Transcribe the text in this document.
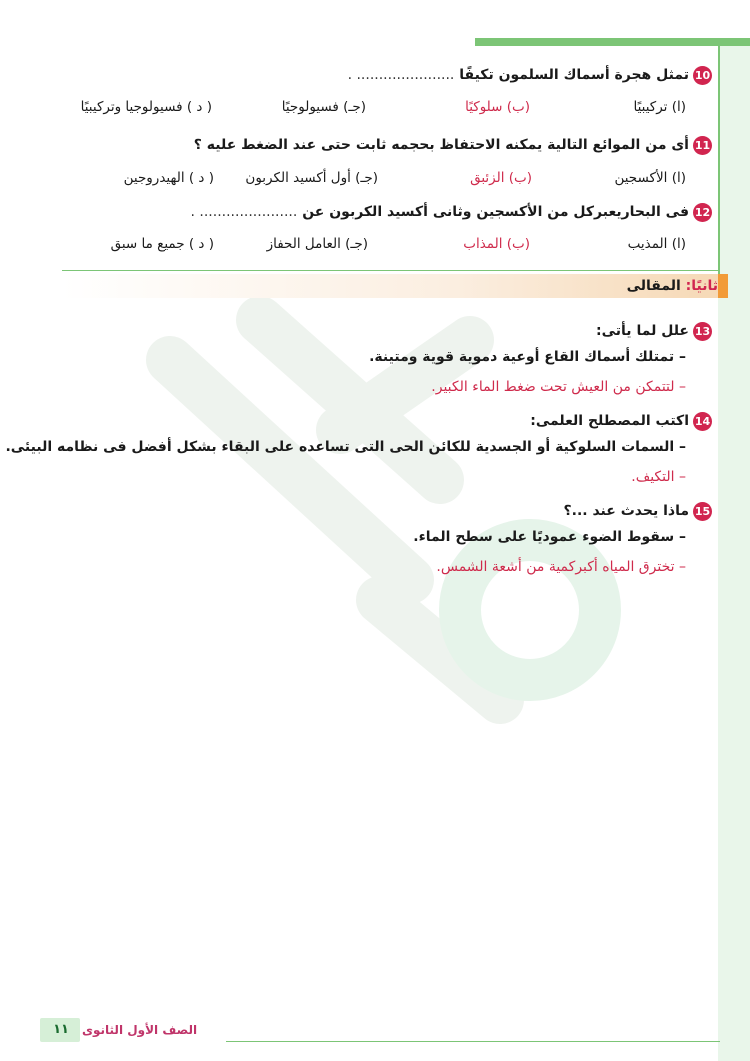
10تمثل هجرة أسماك السلمون تكيفًا ...................... .
(ا) تركيبيًا
(ب) سلوكيًا
(جـ) فسيولوجيًا
( د ) فسيولوجيا وتركيبيًا
11أى من الموائع التالية يمكنه الاحتفاظ بحجمه ثابت حتى عند الضغط عليه ؟
(ا) الأكسجين
(ب) الزئبق
(جـ) أول أكسيد الكربون
( د ) الهيدروجين
12فى البحاريعبركل من الأكسجين وثانى أكسيد الكربون عن ...................... .
(ا) المذيب
(ب) المذاب
(جـ) العامل الحفاز
( د ) جميع ما سبق
ثانيًا: المقالى
13علل لما يأتى:
– تمتلك أسماك القاع أوعية دموية قوية ومتينة.
– لتتمكن من العيش تحت ضغط الماء الكبير.
14اكتب المصطلح العلمى:
– السمات السلوكية أو الجسدية للكائن الحى التى تساعده على البقاء بشكل أفضل فى نظامه البيئى.
– التكيف.
15ماذا يحدث عند ...؟
– سقوط الضوء عموديًا على سطح الماء.
– تخترق المياه أكبركمية من أشعة الشمس.
١١	الصف الأول الثانوى
